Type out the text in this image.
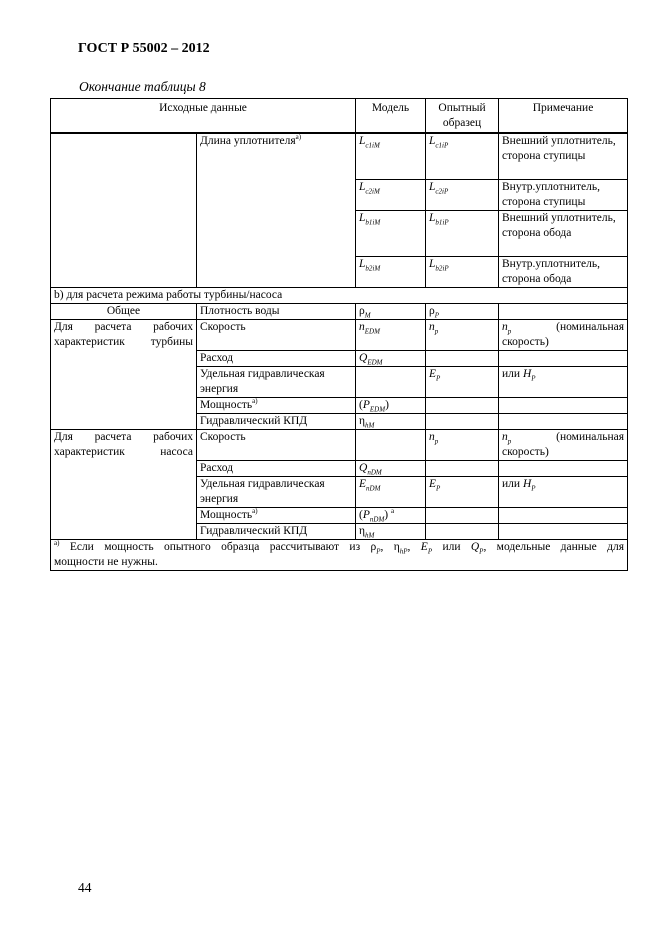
ГОСТ Р 55002 – 2012
Окончание таблицы 8
Исходные данные		Модель	Опытный образец	Примечание

	Длина уплотнителя$^{а)}$	$L_{c1iM}$	$L_{c1iP}$	Внешний уплотнитель, сторона ступицы
		$L_{c2iM}$	$L_{c2iP}$	Внутр.уплотнитель, сторона ступицы
		$L_{b1iM}$	$L_{b1iP}$	Внешний уплотнитель, сторона обода
		$L_{b2iM}$	$L_{b2iP}$	Внутр.уплотнитель, сторона обода
b) для расчета режима работы турбины/насоса				
Общее	Плотность воды	$\rho_M$	$\rho_P$	
Для расчета рабочих характеристик турбины	Скорость	$n_{EDM}$	$n_p$	$n_p$ (номинальная скорость)
	Расход	$Q_{EDM}$		
	Удельная гидравлическая энергия		$E_P$	или $H_P$
	Мощность$^{а)}$	$(P_{EDM})$		
	Гидравлический КПД	$\eta_{hM}$		
Для расчета рабочих характеристик насоса	Скорость		$n_p$	$n_p$ (номинальная скорость)
	Расход	$Q_{nDM}$		
	Удельная гидравлическая энергия	$E_{nDM}$	$E_P$	или $H_P$
	Мощность$^{а)}$	$(P_{nDM})$ $^а$		
	Гидравлический КПД	$\eta_{hM}$		

$^{а)}$ Если мощность опытного образца рассчитывают из $\rho_P$, $\eta_{hP}$, $E_P$ или $Q_P$, модельные данные для
мощности не нужны.				
44
